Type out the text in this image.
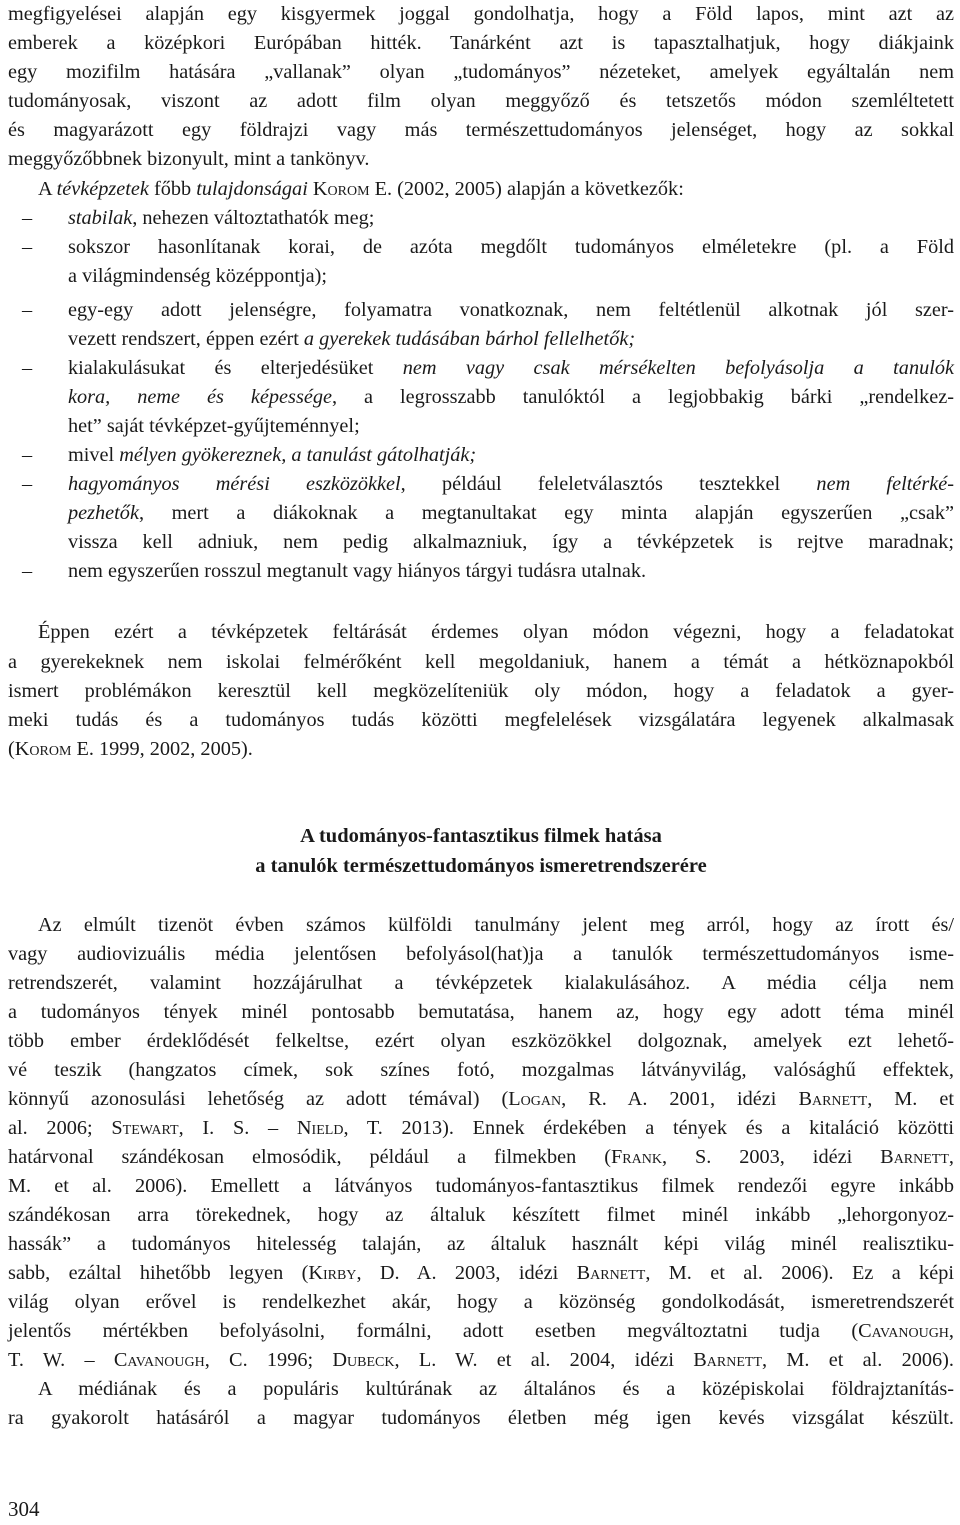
megfigyelései alapján egy kisgyermek joggal gondolhatja, hogy a Föld lapos, mint azt az
emberek a középkori Európában hitték. Tanárként azt is tapasztalhatjuk, hogy diákjaink
egy mozifilm hatására „vallanak” olyan „tudományos” nézeteket, amelyek egyáltalán nem
tudományosak, viszont az adott film olyan meggyőző és tetszetős módon szemléltetett
és magyarázott egy földrajzi vagy más természettudományos jelenséget, hogy az sokkal
meggyőzőbbnek bizonyult, mint a tankönyv.
A tévképzetek főbb tulajdonságai Korom E. (2002, 2005) alapján a következők:
– stabilak, nehezen változtathatók meg;
– sokszor hasonlítanak korai, de azóta megdőlt tudományos elméletekre (pl. a Föld
a világmindenség középpontja);
– egy-egy adott jelenségre, folyamatra vonatkoznak, nem feltétlenül alkotnak jól szer-
vezett rendszert, éppen ezért a gyerekek tudásában bárhol fellelhetők;
– kialakulásukat és elterjedésüket nem vagy csak mérsékelten befolyásolja a tanulók
kora, neme és képessége, a legrosszabb tanulóktól a legjobbakig bárki „rendelkez-
het” saját tévképzet-gyűjteménnyel;
– mivel mélyen gyökereznek, a tanulást gátolhatják;
– hagyományos mérési eszközökkel, például feleletválasztós tesztekkel nem feltérké-
pezhetők, mert a diákoknak a megtanultakat egy minta alapján egyszerűen „csak”
vissza kell adniuk, nem pedig alkalmazniuk, így a tévképzetek is rejtve maradnak;
– nem egyszerűen rosszul megtanult vagy hiányos tárgyi tudásra utalnak.
Éppen ezért a tévképzetek feltárását érdemes olyan módon végezni, hogy a feladatokat
a gyerekeknek nem iskolai felmérőként kell megoldaniuk, hanem a témát a hétköznapokból
ismert problémákon keresztül kell megközelíteniük oly módon, hogy a feladatok a gyer-
meki tudás és a tudományos tudás közötti megfelelések vizsgálatára legyenek alkalmasak
(Korom E. 1999, 2002, 2005).
A tudományos-fantasztikus filmek hatása
a tanulók természettudományos ismeretrendszerére
Az elmúlt tizenöt évben számos külföldi tanulmány jelent meg arról, hogy az írott és/
vagy audiovizuális média jelentősen befolyásol(hat)ja a tanulók természettudományos isme-
retrendszerét, valamint hozzájárulhat a tévképzetek kialakulásához. A média célja nem
a tudományos tények minél pontosabb bemutatása, hanem az, hogy egy adott téma minél
több ember érdeklődését felkeltse, ezért olyan eszközökkel dolgoznak, amelyek ezt lehető-
vé teszik (hangzatos címek, sok színes fotó, mozgalmas látványvilág, valósághű effektek,
könnyű azonosulási lehetőség az adott témával) (Logan, R. A. 2001, idézi Barnett, M. et
al. 2006; Stewart, I. S. – Nield, T. 2013). Ennek érdekében a tények és a kitaláció közötti
határvonal szándékosan elmosódik, például a filmekben (Frank, S. 2003, idézi Barnett,
M. et al. 2006). Emellett a látványos tudományos-fantasztikus filmek rendezői egyre inkább
szándékosan arra törekednek, hogy az általuk készített filmet minél inkább „lehorgonyoz-
hassák” a tudományos hitelesség talaján, az általuk használt képi világ minél realisztiku-
sabb, ezáltal hihetőbb legyen (Kirby, D. A. 2003, idézi Barnett, M. et al. 2006). Ez a képi
világ olyan erővel is rendelkezhet akár, hogy a közönség gondolkodását, ismeretrendszerét
jelentős mértékben befolyásolni, formálni, adott esetben megváltoztatni tudja (Cavanough,
T. W. – Cavanough, C. 1996; Dubeck, L. W. et al. 2004, idézi Barnett, M. et al. 2006).
A médiának és a populáris kultúrának az általános és a középiskolai földrajztanítás-
ra gyakorolt hatásáról a magyar tudományos életben még igen kevés vizsgálat készült.
304
